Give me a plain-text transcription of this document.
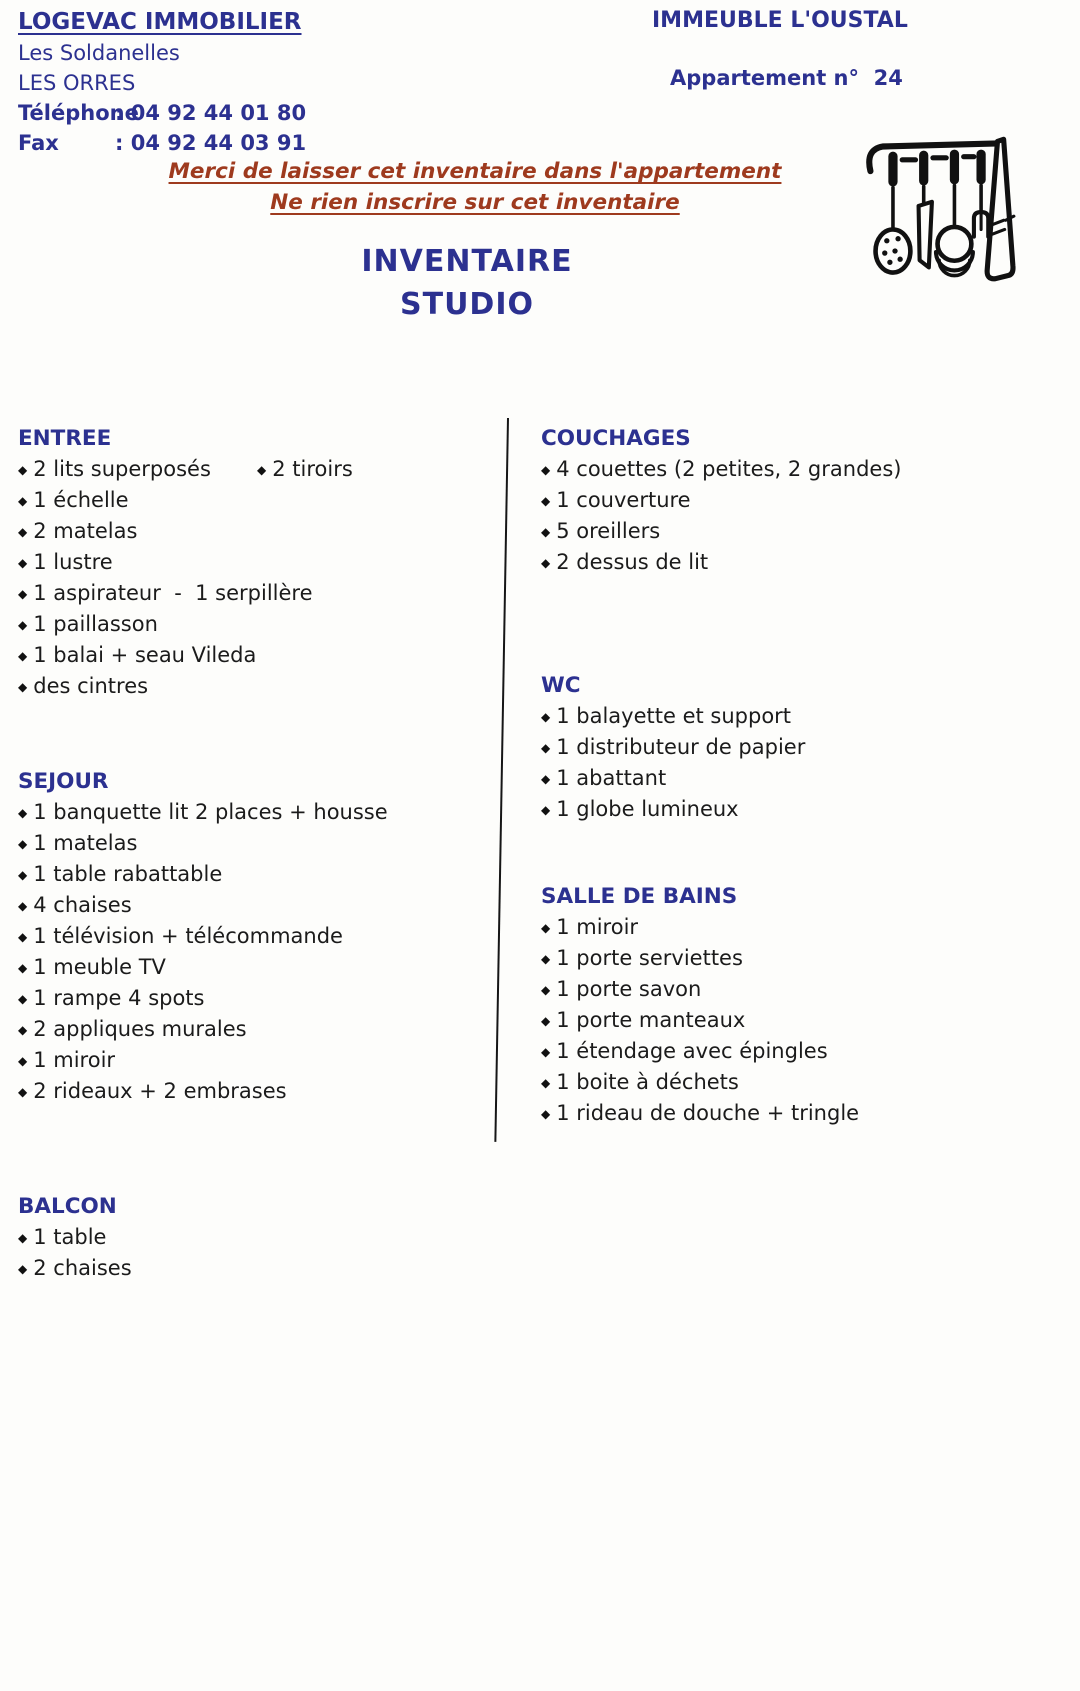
LOGEVAC IMMOBILIER
Les Soldanelles
LES ORRES
Téléphone: 04 92 44 01 80
Fax	: 04 92 44 03 91
IMMEUBLE L'OUSTAL
Appartement n°  24
Merci de laisser cet inventaire dans l'appartement
Ne rien inscrire sur cet inventaire
INVENTAIRE
STUDIO
ENTREE
◆ 2 lits superposés	◆ 2 tiroirs
◆ 1 échelle
◆ 2 matelas
◆ 1 lustre
◆ 1 aspirateur  -  1 serpillère
◆ 1 paillasson
◆ 1 balai + seau Vileda
◆ des cintres
SEJOUR
◆ 1 banquette lit 2 places + housse
◆ 1 matelas
◆ 1 table rabattable
◆ 4 chaises
◆ 1 télévision + télécommande
◆ 1 meuble TV
◆ 1 rampe 4 spots
◆ 2 appliques murales
◆ 1 miroir
◆ 2 rideaux + 2 embrases
BALCON
◆ 1 table
◆ 2 chaises
COUCHAGES
◆ 4 couettes (2 petites, 2 grandes)
◆ 1 couverture
◆ 5 oreillers
◆ 2 dessus de lit
WC
◆ 1 balayette et support
◆ 1 distributeur de papier
◆ 1 abattant
◆ 1 globe lumineux
SALLE DE BAINS
◆ 1 miroir
◆ 1 porte serviettes
◆ 1 porte savon
◆ 1 porte manteaux
◆ 1 étendage avec épingles
◆ 1 boite à déchets
◆ 1 rideau de douche + tringle
